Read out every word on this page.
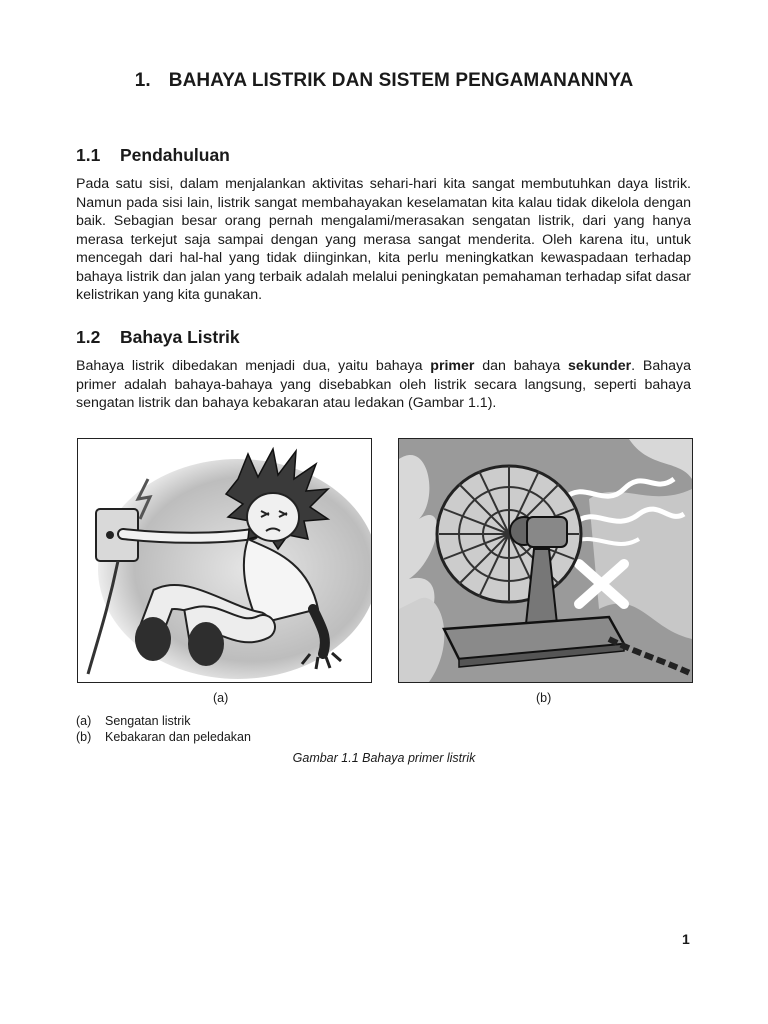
1. BAHAYA LISTRIK DAN SISTEM PENGAMANANNYA
1.1 Pendahuluan

Pada satu sisi, dalam menjalankan aktivitas sehari-hari kita sangat membutuhkan daya listrik. Namun pada sisi lain, listrik sangat membahayakan keselamatan kita kalau tidak dikelola dengan baik. Sebagian besar orang pernah mengalami/merasakan sengatan listrik, dari yang hanya merasa terkejut saja sampai dengan yang merasa sangat menderita. Oleh karena itu, untuk mencegah dari hal-hal yang tidak diinginkan, kita perlu meningkatkan kewaspadaan terhadap bahaya listrik dan jalan yang terbaik adalah melalui peningkatan pemahaman terhadap sifat dasar kelistrikan yang kita gunakan.

1.2 Bahaya Listrik

Bahaya listrik dibedakan menjadi dua, yaitu bahaya primer dan bahaya sekunder. Bahaya primer adalah bahaya-bahaya yang disebabkan oleh listrik secara langsung, seperti bahaya sengatan listrik dan bahaya kebakaran atau ledakan (Gambar 1.1).

(a)	(b)
(a) Sengatan listrik
(b) Kebakaran dan peledakan
Gambar 1.1 Bahaya primer listrik
1
